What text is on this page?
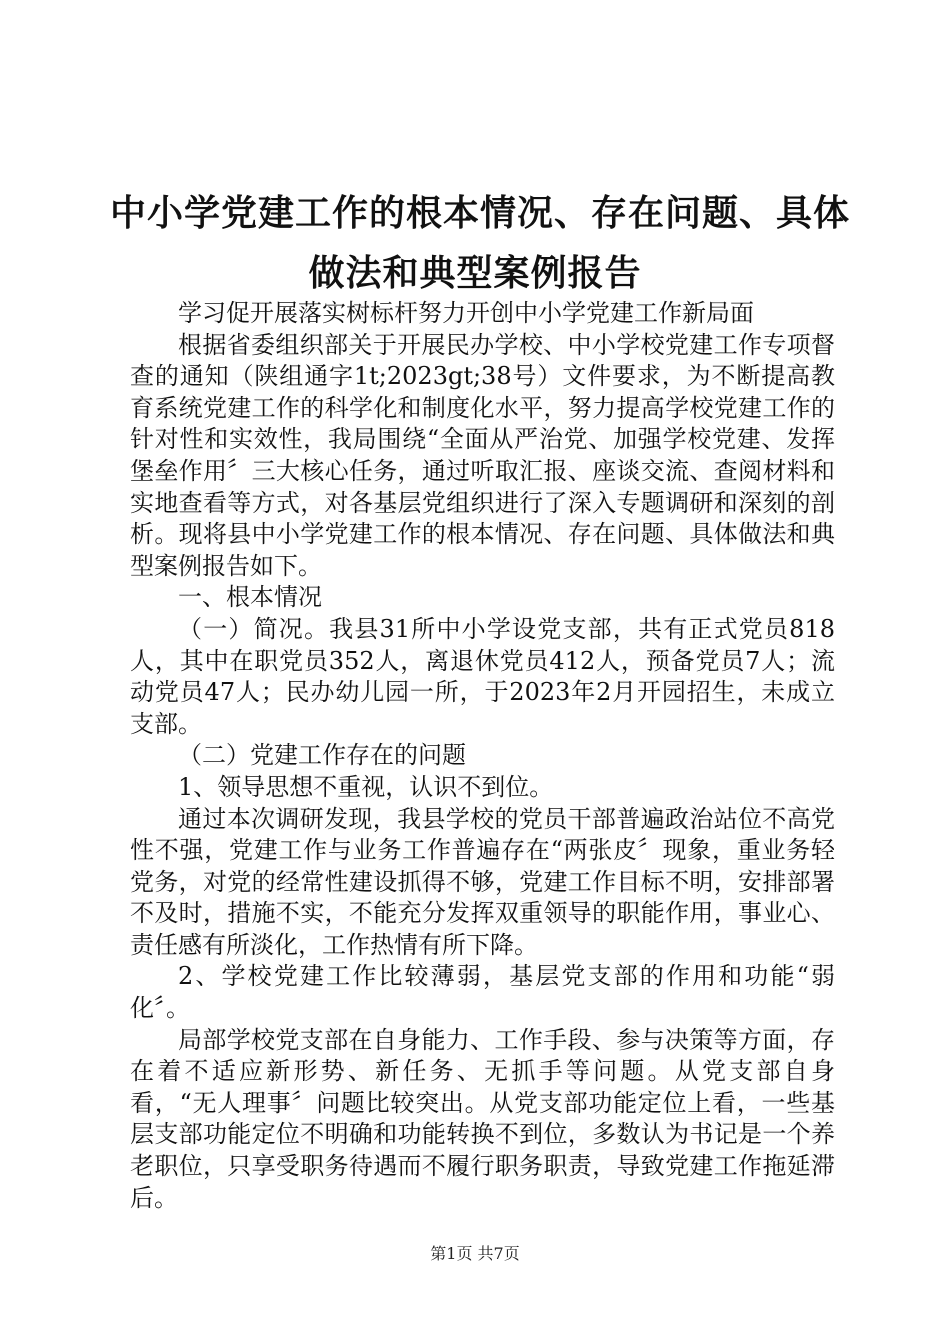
中小学党建工作的根本情况、存在问题、具体
做法和典型案例报告

学习促开展落实树标杆努力开创中小学党建工作新局面

根据省委组织部关于开展民办学校、中小学校党建工作专项督查的通知（陕组通字1t;2023gt;38号）文件要求，为不断提高教育系统党建工作的科学化和制度化水平，努力提高学校党建工作的针对性和实效性，我局围绕“全面从严治党、加强学校党建、发挥堡垒作用〞三大核心任务，通过听取汇报、座谈交流、查阅材料和实地查看等方式，对各基层党组织进行了深入专题调研和深刻的剖析。现将县中小学党建工作的根本情况、存在问题、具体做法和典型案例报告如下。

一、根本情况

（一）简况。我县31所中小学设党支部，共有正式党员818人，其中在职党员352人，离退休党员412人，预备党员7人；流动党员47人；民办幼儿园一所，于2023年2月开园招生，未成立支部。

（二）党建工作存在的问题

1、领导思想不重视，认识不到位。

通过本次调研发现，我县学校的党员干部普遍政治站位不高党性不强，党建工作与业务工作普遍存在“两张皮〞现象，重业务轻党务，对党的经常性建设抓得不够，党建工作目标不明，安排部署不及时，措施不实，不能充分发挥双重领导的职能作用，事业心、责任感有所淡化，工作热情有所下降。

2、学校党建工作比较薄弱，基层党支部的作用和功能“弱化〞。

局部学校党支部在自身能力、工作手段、参与决策等方面，存在着不适应新形势、新任务、无抓手等问题。从党支部自身看，“无人理事〞问题比较突出。从党支部功能定位上看，一些基层支部功能定位不明确和功能转换不到位，多数认为书记是一个养老职位，只享受职务待遇而不履行职务职责，导致党建工作拖延滞后。

第1页 共7页
